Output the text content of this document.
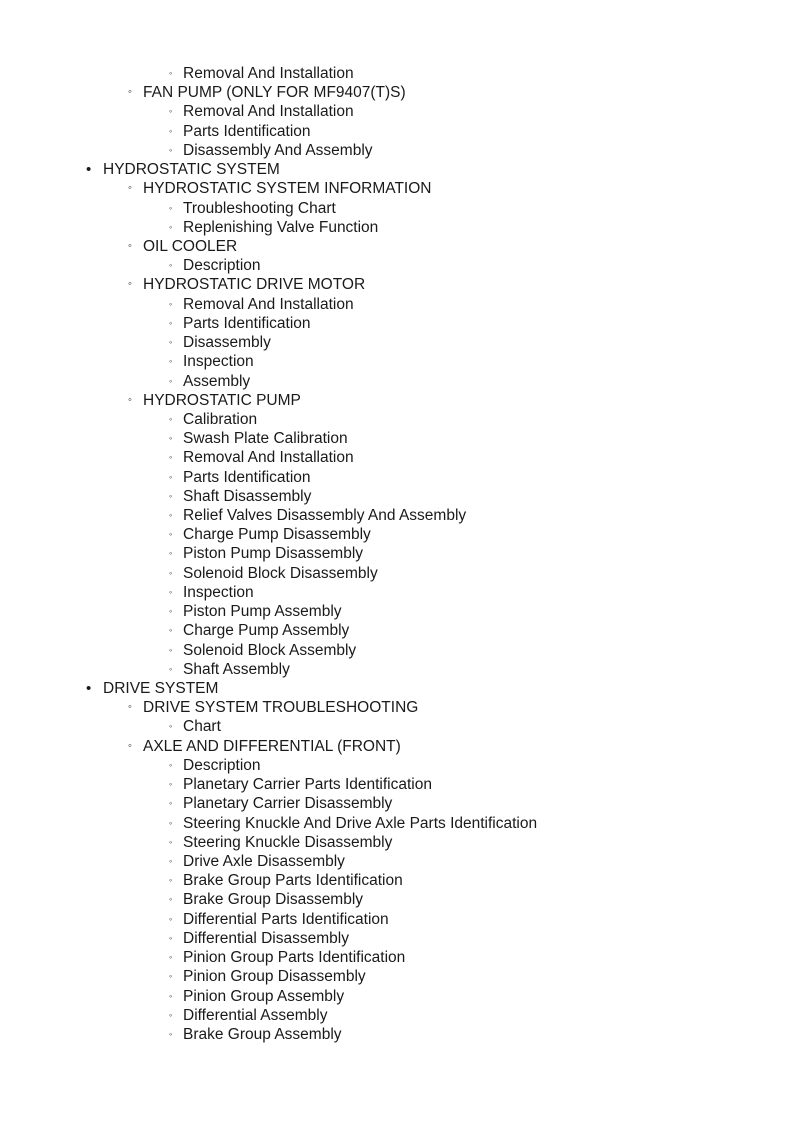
◦ Removal And Installation
◦ FAN PUMP (ONLY FOR MF9407(T)S)
◦ Removal And Installation
◦ Parts Identification
◦ Disassembly And Assembly
• HYDROSTATIC SYSTEM
◦ HYDROSTATIC SYSTEM INFORMATION
◦ Troubleshooting Chart
◦ Replenishing Valve Function
◦ OIL COOLER
◦ Description
◦ HYDROSTATIC DRIVE MOTOR
◦ Removal And Installation
◦ Parts Identification
◦ Disassembly
◦ Inspection
◦ Assembly
◦ HYDROSTATIC PUMP
◦ Calibration
◦ Swash Plate Calibration
◦ Removal And Installation
◦ Parts Identification
◦ Shaft Disassembly
◦ Relief Valves Disassembly And Assembly
◦ Charge Pump Disassembly
◦ Piston Pump Disassembly
◦ Solenoid Block Disassembly
◦ Inspection
◦ Piston Pump Assembly
◦ Charge Pump Assembly
◦ Solenoid Block Assembly
◦ Shaft Assembly
• DRIVE SYSTEM
◦ DRIVE SYSTEM TROUBLESHOOTING
◦ Chart
◦ AXLE AND DIFFERENTIAL (FRONT)
◦ Description
◦ Planetary Carrier Parts Identification
◦ Planetary Carrier Disassembly
◦ Steering Knuckle And Drive Axle Parts Identification
◦ Steering Knuckle Disassembly
◦ Drive Axle Disassembly
◦ Brake Group Parts Identification
◦ Brake Group Disassembly
◦ Differential Parts Identification
◦ Differential Disassembly
◦ Pinion Group Parts Identification
◦ Pinion Group Disassembly
◦ Pinion Group Assembly
◦ Differential Assembly
◦ Brake Group Assembly
